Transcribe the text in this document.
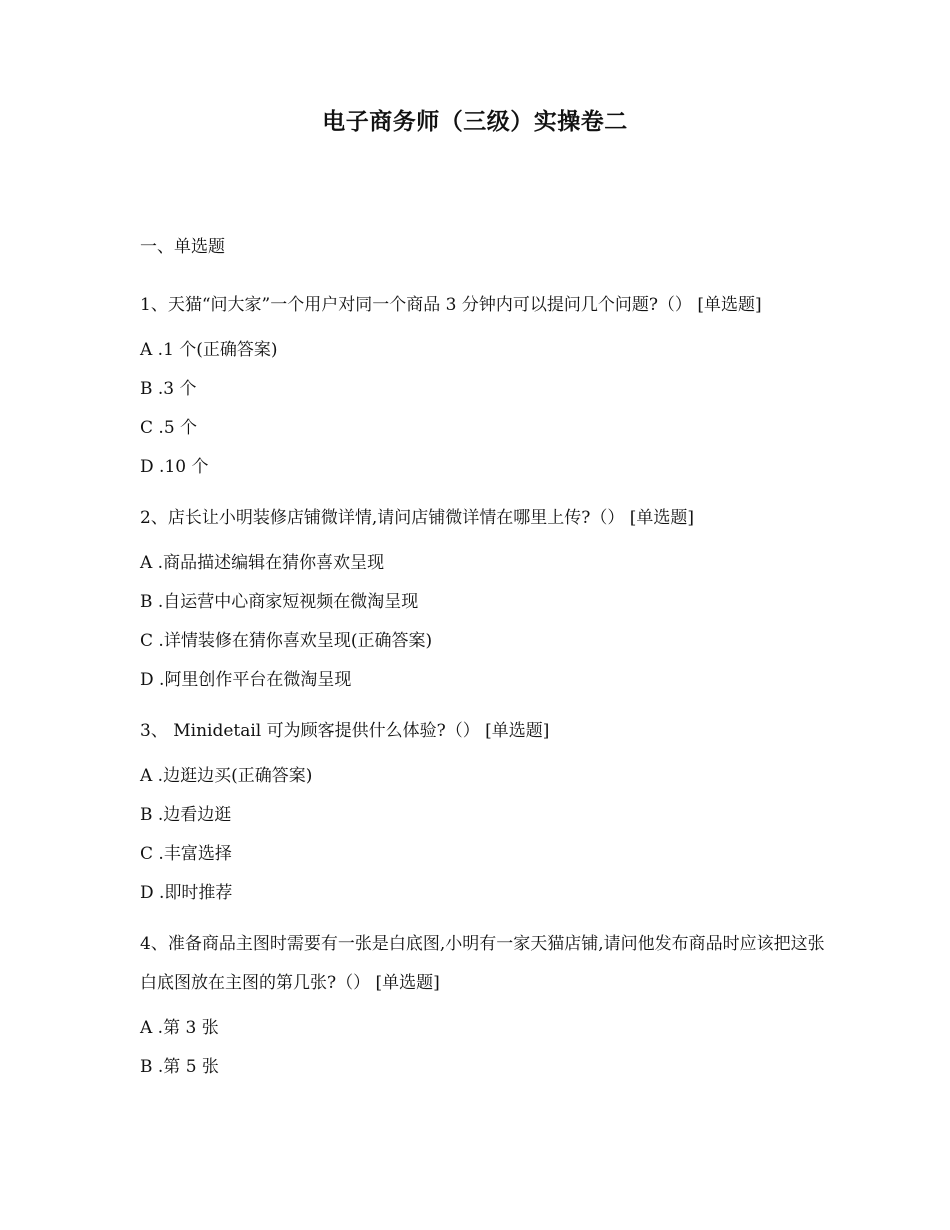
电子商务师（三级）实操卷二
一、单选题
1、天猫“问大家”一个用户对同一个商品 3 分钟内可以提问几个问题?（） [单选题]
A .1 个(正确答案)
B .3 个
C .5 个
D .10 个
2、店长让小明装修店铺微详情,请问店铺微详情在哪里上传?（） [单选题]
A .商品描述编辑在猜你喜欢呈现
B .自运营中心商家短视频在微淘呈现
C .详情装修在猜你喜欢呈现(正确答案)
D .阿里创作平台在微淘呈现
3、 Minidetail 可为顾客提供什么体验?（） [单选题]
A .边逛边买(正确答案)
B .边看边逛
C .丰富选择
D .即时推荐
4、准备商品主图时需要有一张是白底图,小明有一家天猫店铺,请问他发布商品时应该把这张白底图放在主图的第几张?（） [单选题]
A .第 3 张
B .第 5 张
